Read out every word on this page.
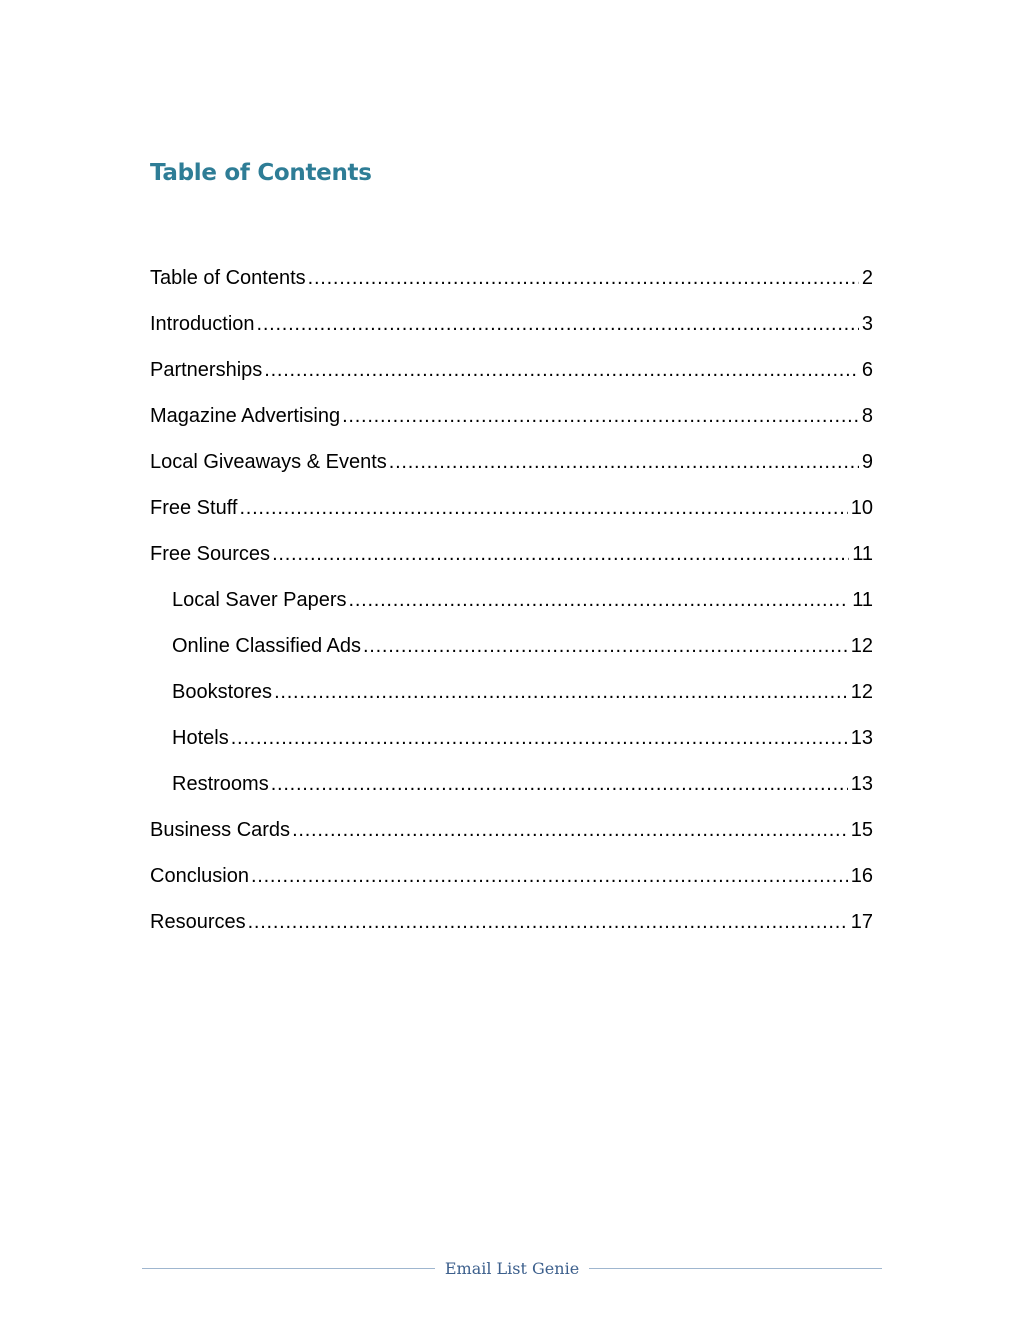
Table of Contents
Table of Contents . . .	2
Introduction . . .	3
Partnerships . . .	6
Magazine Advertising . . .	8
Local Giveaways & Events . . .	9
Free Stuff . . .	10
Free Sources . . .	11
Local Saver Papers . . .	11
Online Classified Ads . . .	12
Bookstores . . .	12
Hotels . . .	13
Restrooms . . .	13
Business Cards . . .	15
Conclusion . . .	16
Resources . . .	17
Email List Genie
